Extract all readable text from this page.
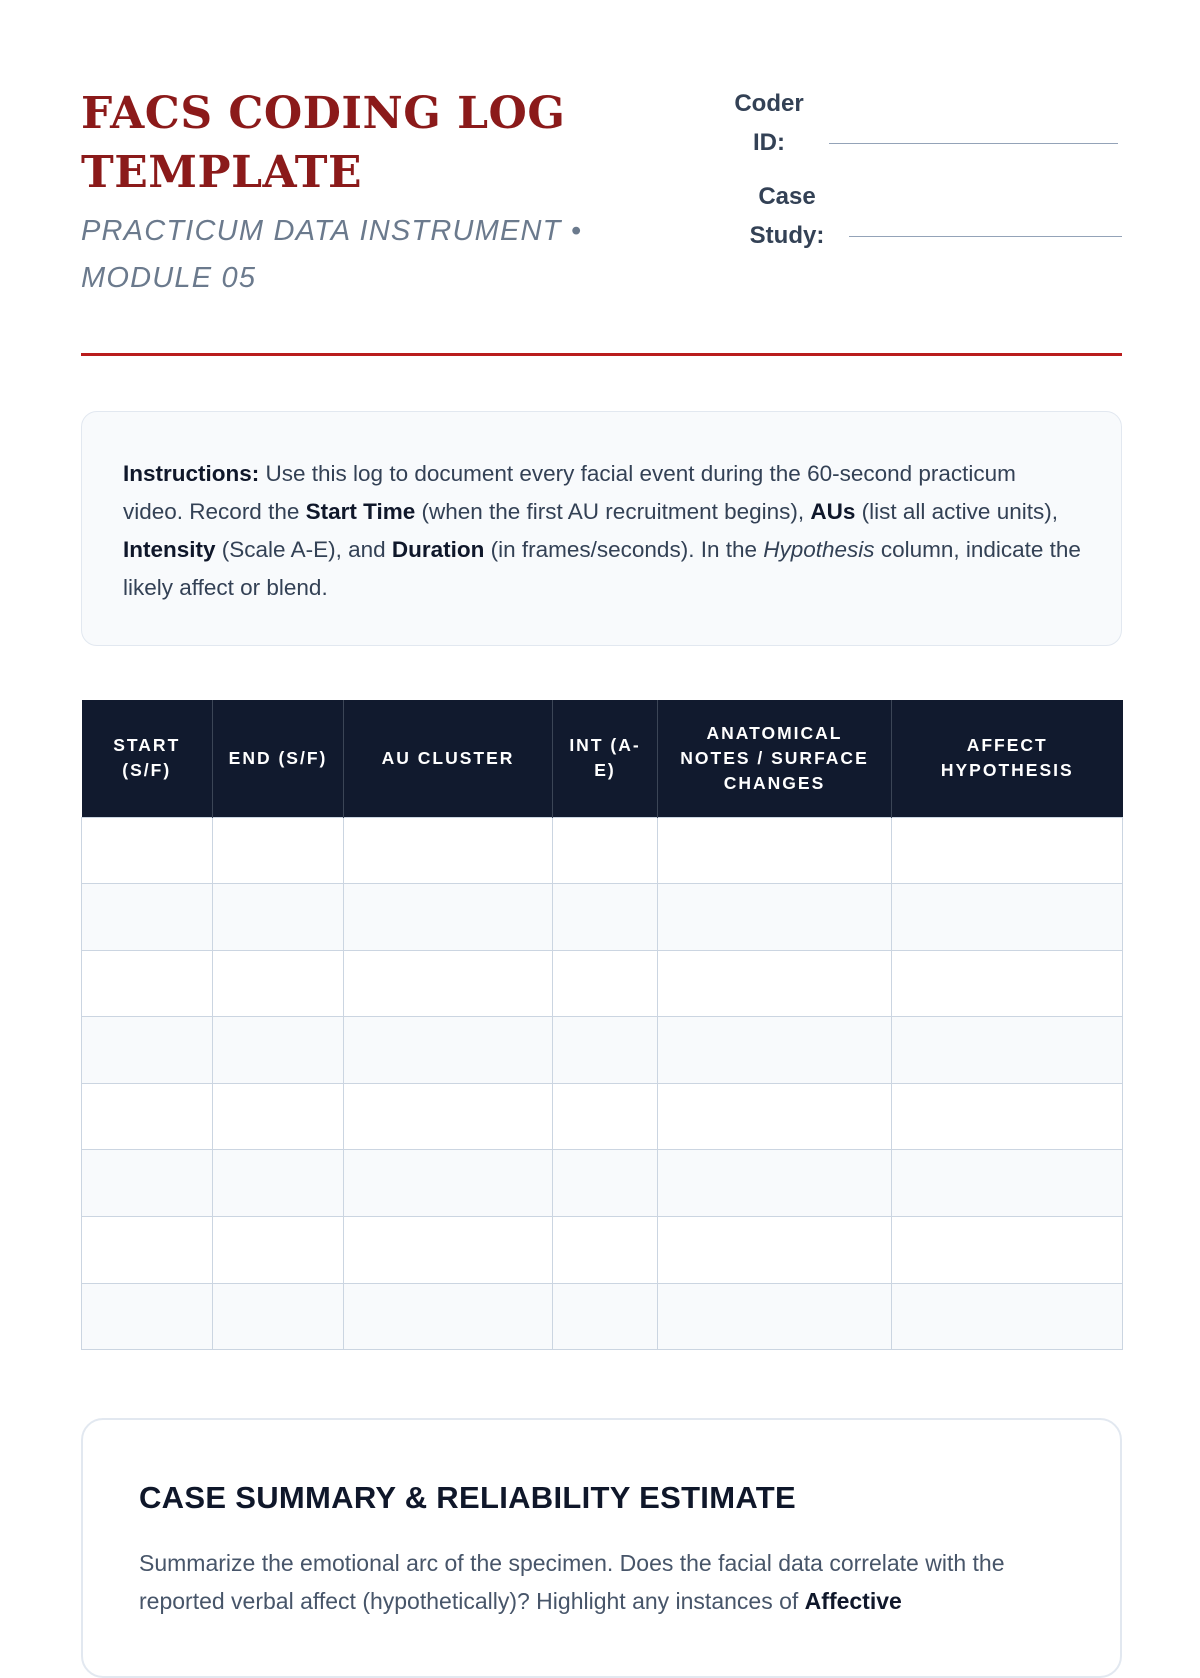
FACS CODING LOG TEMPLATE
PRACTICUM DATA INSTRUMENT • MODULE 05
Coder ID:
Case Study:
Instructions: Use this log to document every facial event during the 60-second practicum video. Record the Start Time (when the first AU recruitment begins), AUs (list all active units), Intensity (Scale A-E), and Duration (in frames/seconds). In the Hypothesis column, indicate the likely affect or blend.
START (S/F)	END (S/F)	AU CLUSTER	INT (A-E)	ANATOMICAL NOTES / SURFACE CHANGES	AFFECT HYPOTHESIS

CASE SUMMARY & RELIABILITY ESTIMATE

Summarize the emotional arc of the specimen. Does the facial data correlate with the reported verbal affect (hypothetically)? Highlight any instances of Affective
